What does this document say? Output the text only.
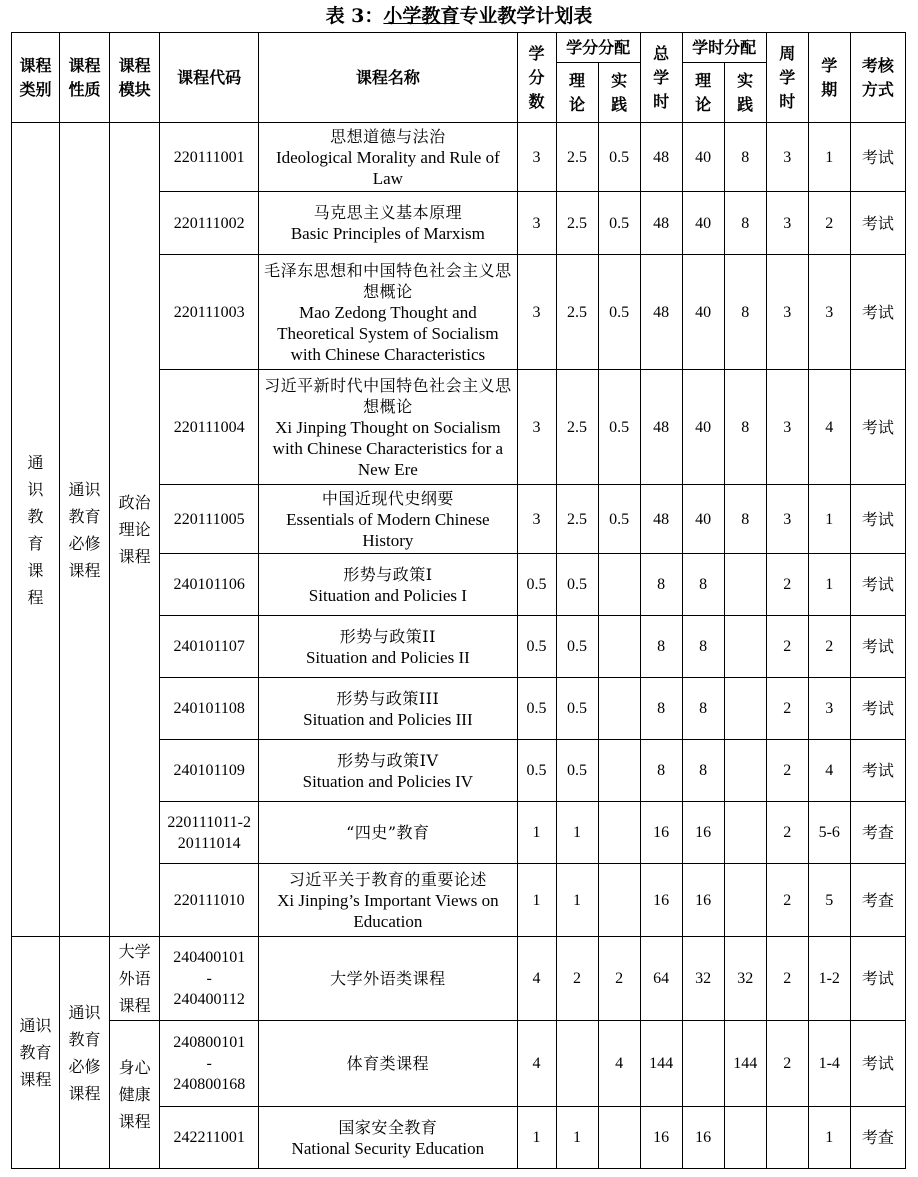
表 3：小学教育专业教学计划表
课程类别	课程性质	课程模块	课程代码	课程名称	学分数	学分分配		总学时	学时分配		周学时	学期	考核方式
						理论	实践		理论	实践			
通识教育课程	通识教育必修课程	政治理论课程	220111001	思想道德与法治
Ideological Morality and Rule of Law	3	2.5	0.5	48	40	8	3	1	考试
			220111002	马克思主义基本原理
Basic Principles of Marxism	3	2.5	0.5	48	40	8	3	2	考试
			220111003	毛泽东思想和中国特色社会主义思想概论
Mao Zedong Thought and Theoretical System of Socialism with Chinese Characteristics	3	2.5	0.5	48	40	8	3	3	考试
			220111004	习近平新时代中国特色社会主义思想概论
Xi Jinping Thought on Socialism with Chinese Characteristics for a New Ere	3	2.5	0.5	48	40	8	3	4	考试
			220111005	中国近现代史纲要
Essentials of Modern Chinese History	3	2.5	0.5	48	40	8	3	1	考试
			240101106	形势与政策I
Situation and Policies I	0.5	0.5		8	8		2	1	考试
			240101107	形势与政策II
Situation and Policies II	0.5	0.5		8	8		2	2	考试
			240101108	形势与政策III
Situation and Policies III	0.5	0.5		8	8		2	3	考试
			240101109	形势与政策IV
Situation and Policies IV	0.5	0.5		8	8		2	4	考试
			220111011-220111014	“四史”教育	1	1		16	16		2	5-6	考查
			220111010	习近平关于教育的重要论述
Xi Jinping’s Important Views on Education	1	1		16	16		2	5	考查
通识教育课程	通识教育必修课程	大学外语课程	240400101
-
240400112	大学外语类课程	4	2	2	64	32	32	2	1-2	考试
		身心健康课程	240800101
-
240800168	体育类课程	4		4	144		144	2	1-4	考试
			242211001	国家安全教育
National Security Education	1	1		16	16			1	考查
